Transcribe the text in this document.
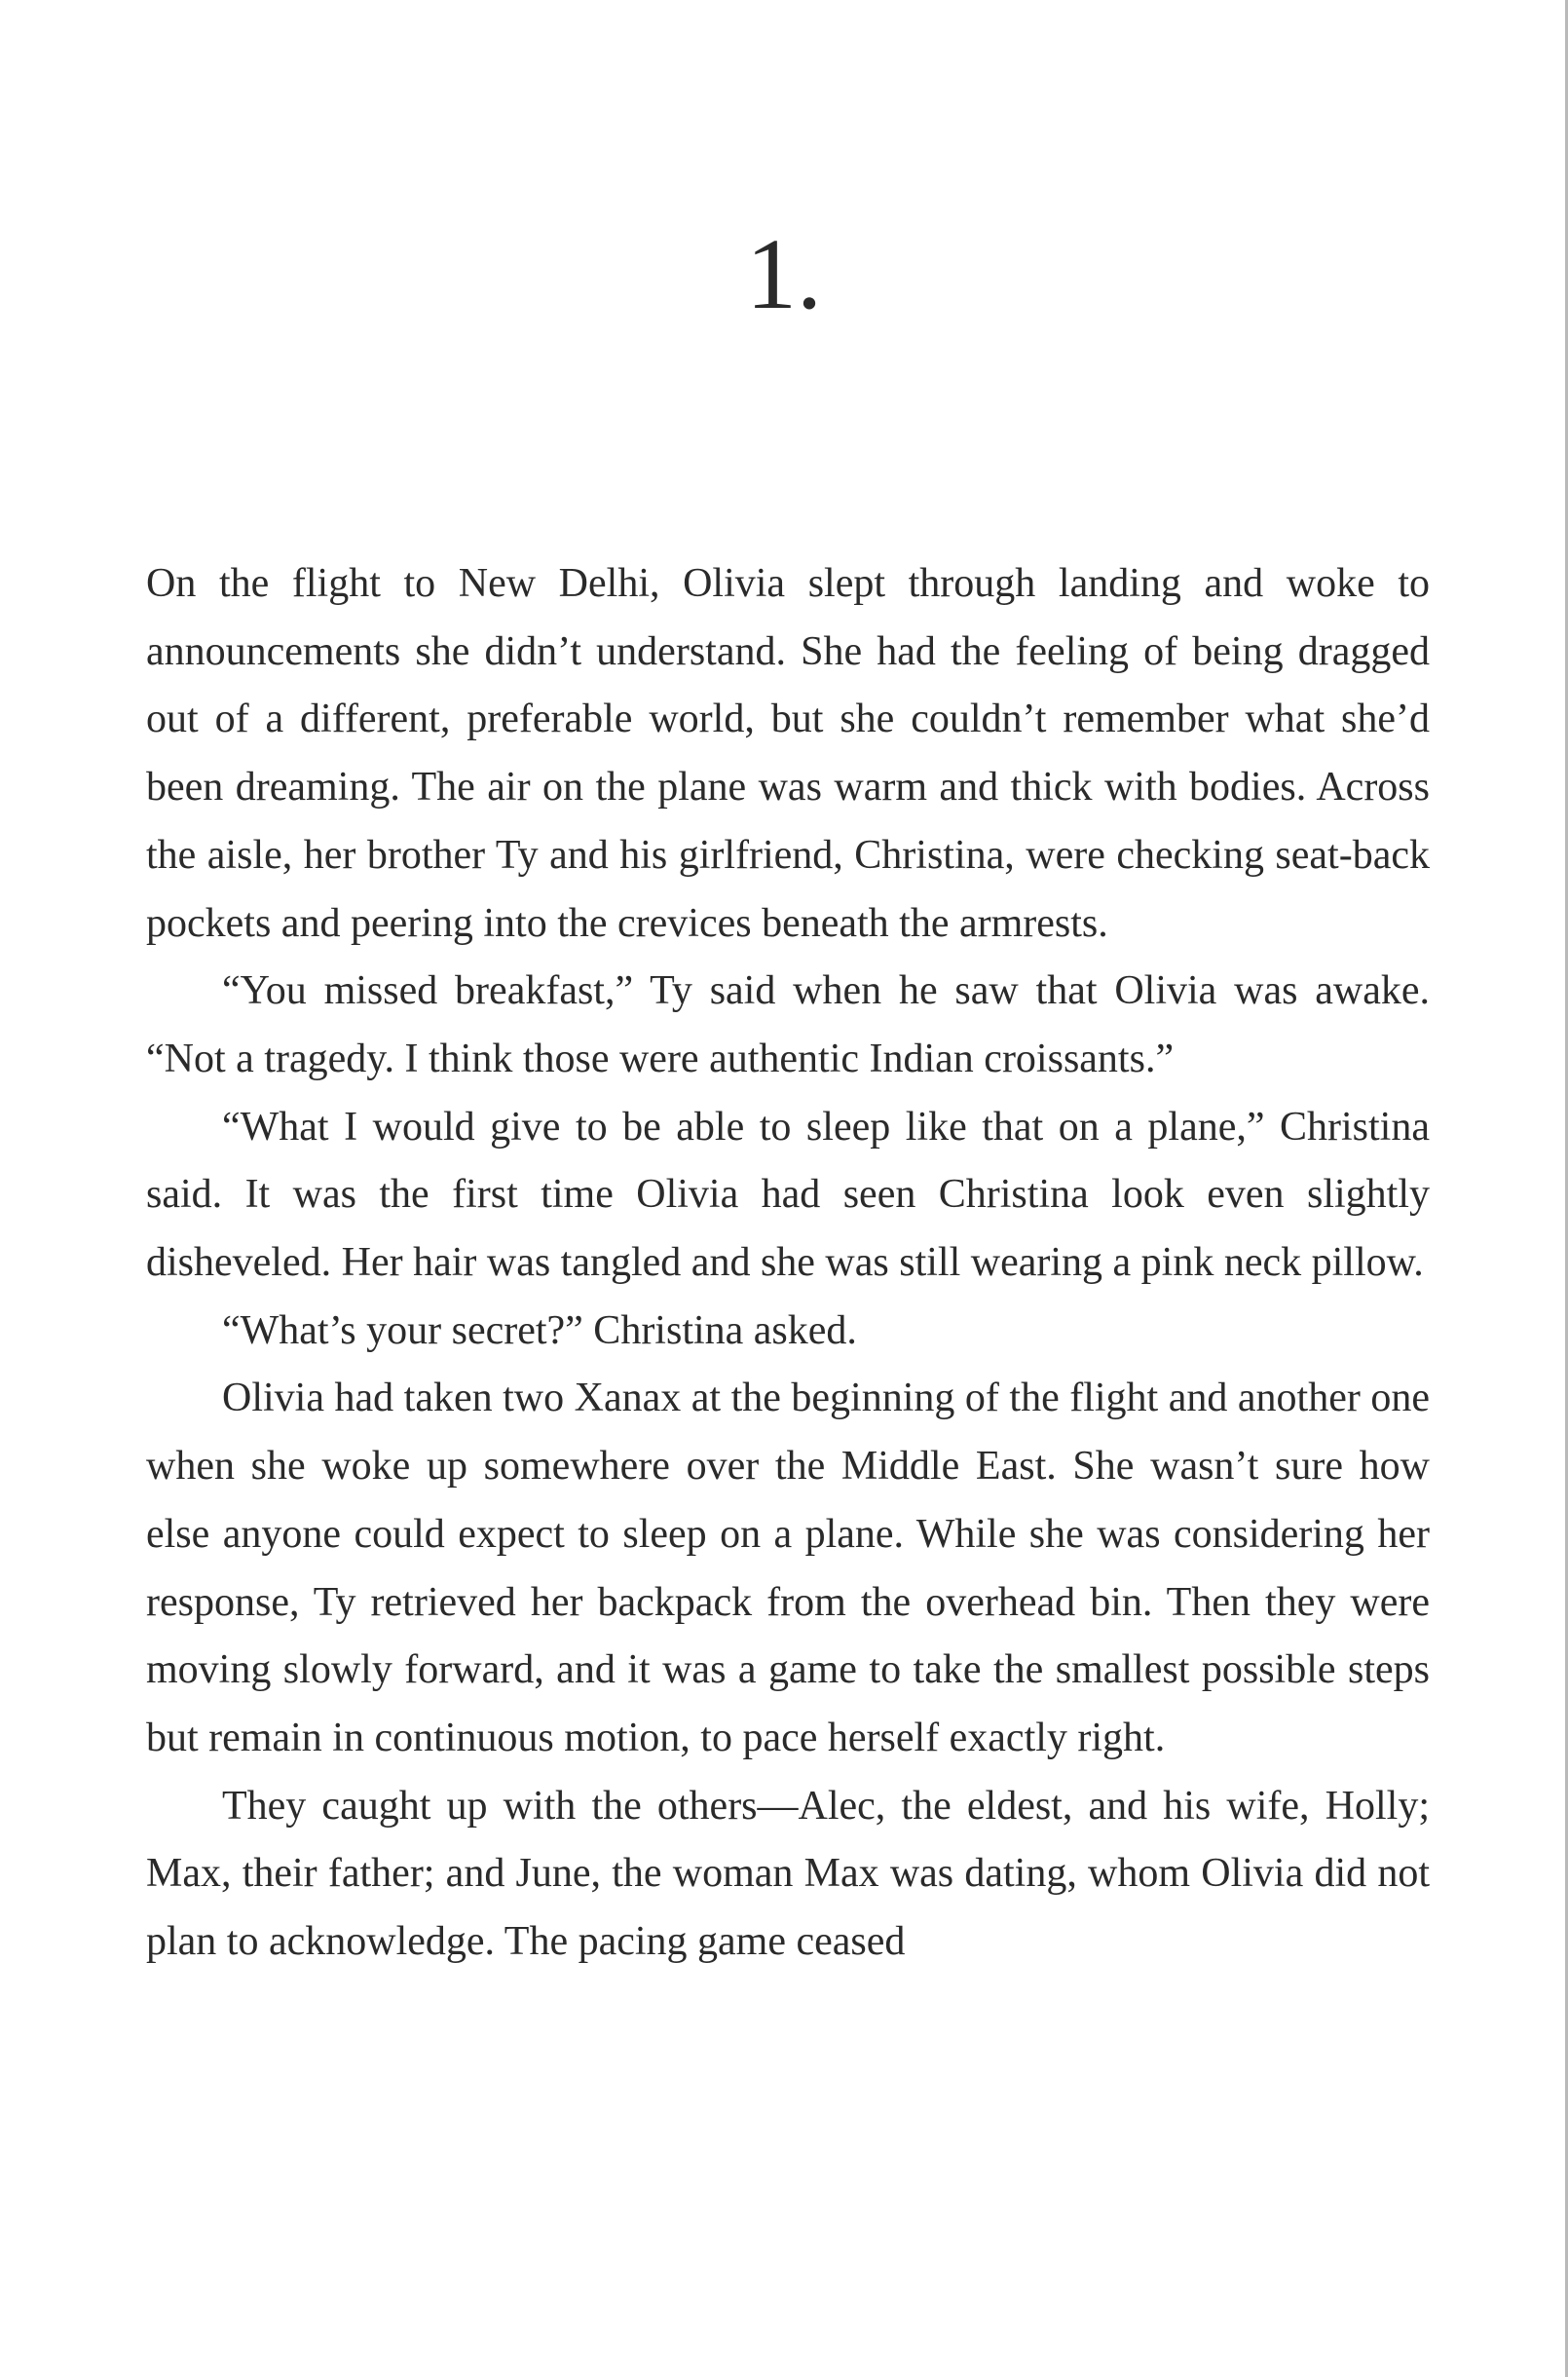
1.

On the flight to New Delhi, Olivia slept through landing and woke to announcements she didn’t understand. She had the feeling of being dragged out of a different, preferable world, but she couldn’t remember what she’d been dreaming. The air on the plane was warm and thick with bodies. Across the aisle, her brother Ty and his girlfriend, Christina, were checking seat-back pockets and peering into the crevices beneath the armrests.

“You missed breakfast,” Ty said when he saw that Olivia was awake. “Not a tragedy. I think those were authentic Indian croissants.”

“What I would give to be able to sleep like that on a plane,” Christina said. It was the first time Olivia had seen Christina look even slightly disheveled. Her hair was tangled and she was still wearing a pink neck pillow.

“What’s your secret?” Christina asked.

Olivia had taken two Xanax at the beginning of the flight and another one when she woke up somewhere over the Middle East. She wasn’t sure how else anyone could expect to sleep on a plane. While she was considering her response, Ty retrieved her backpack from the overhead bin. Then they were moving slowly forward, and it was a game to take the smallest possible steps but remain in continuous motion, to pace herself exactly right.

They caught up with the others—Alec, the eldest, and his wife, Holly; Max, their father; and June, the woman Max was dating, whom Olivia did not plan to acknowledge. The pacing game ceased
